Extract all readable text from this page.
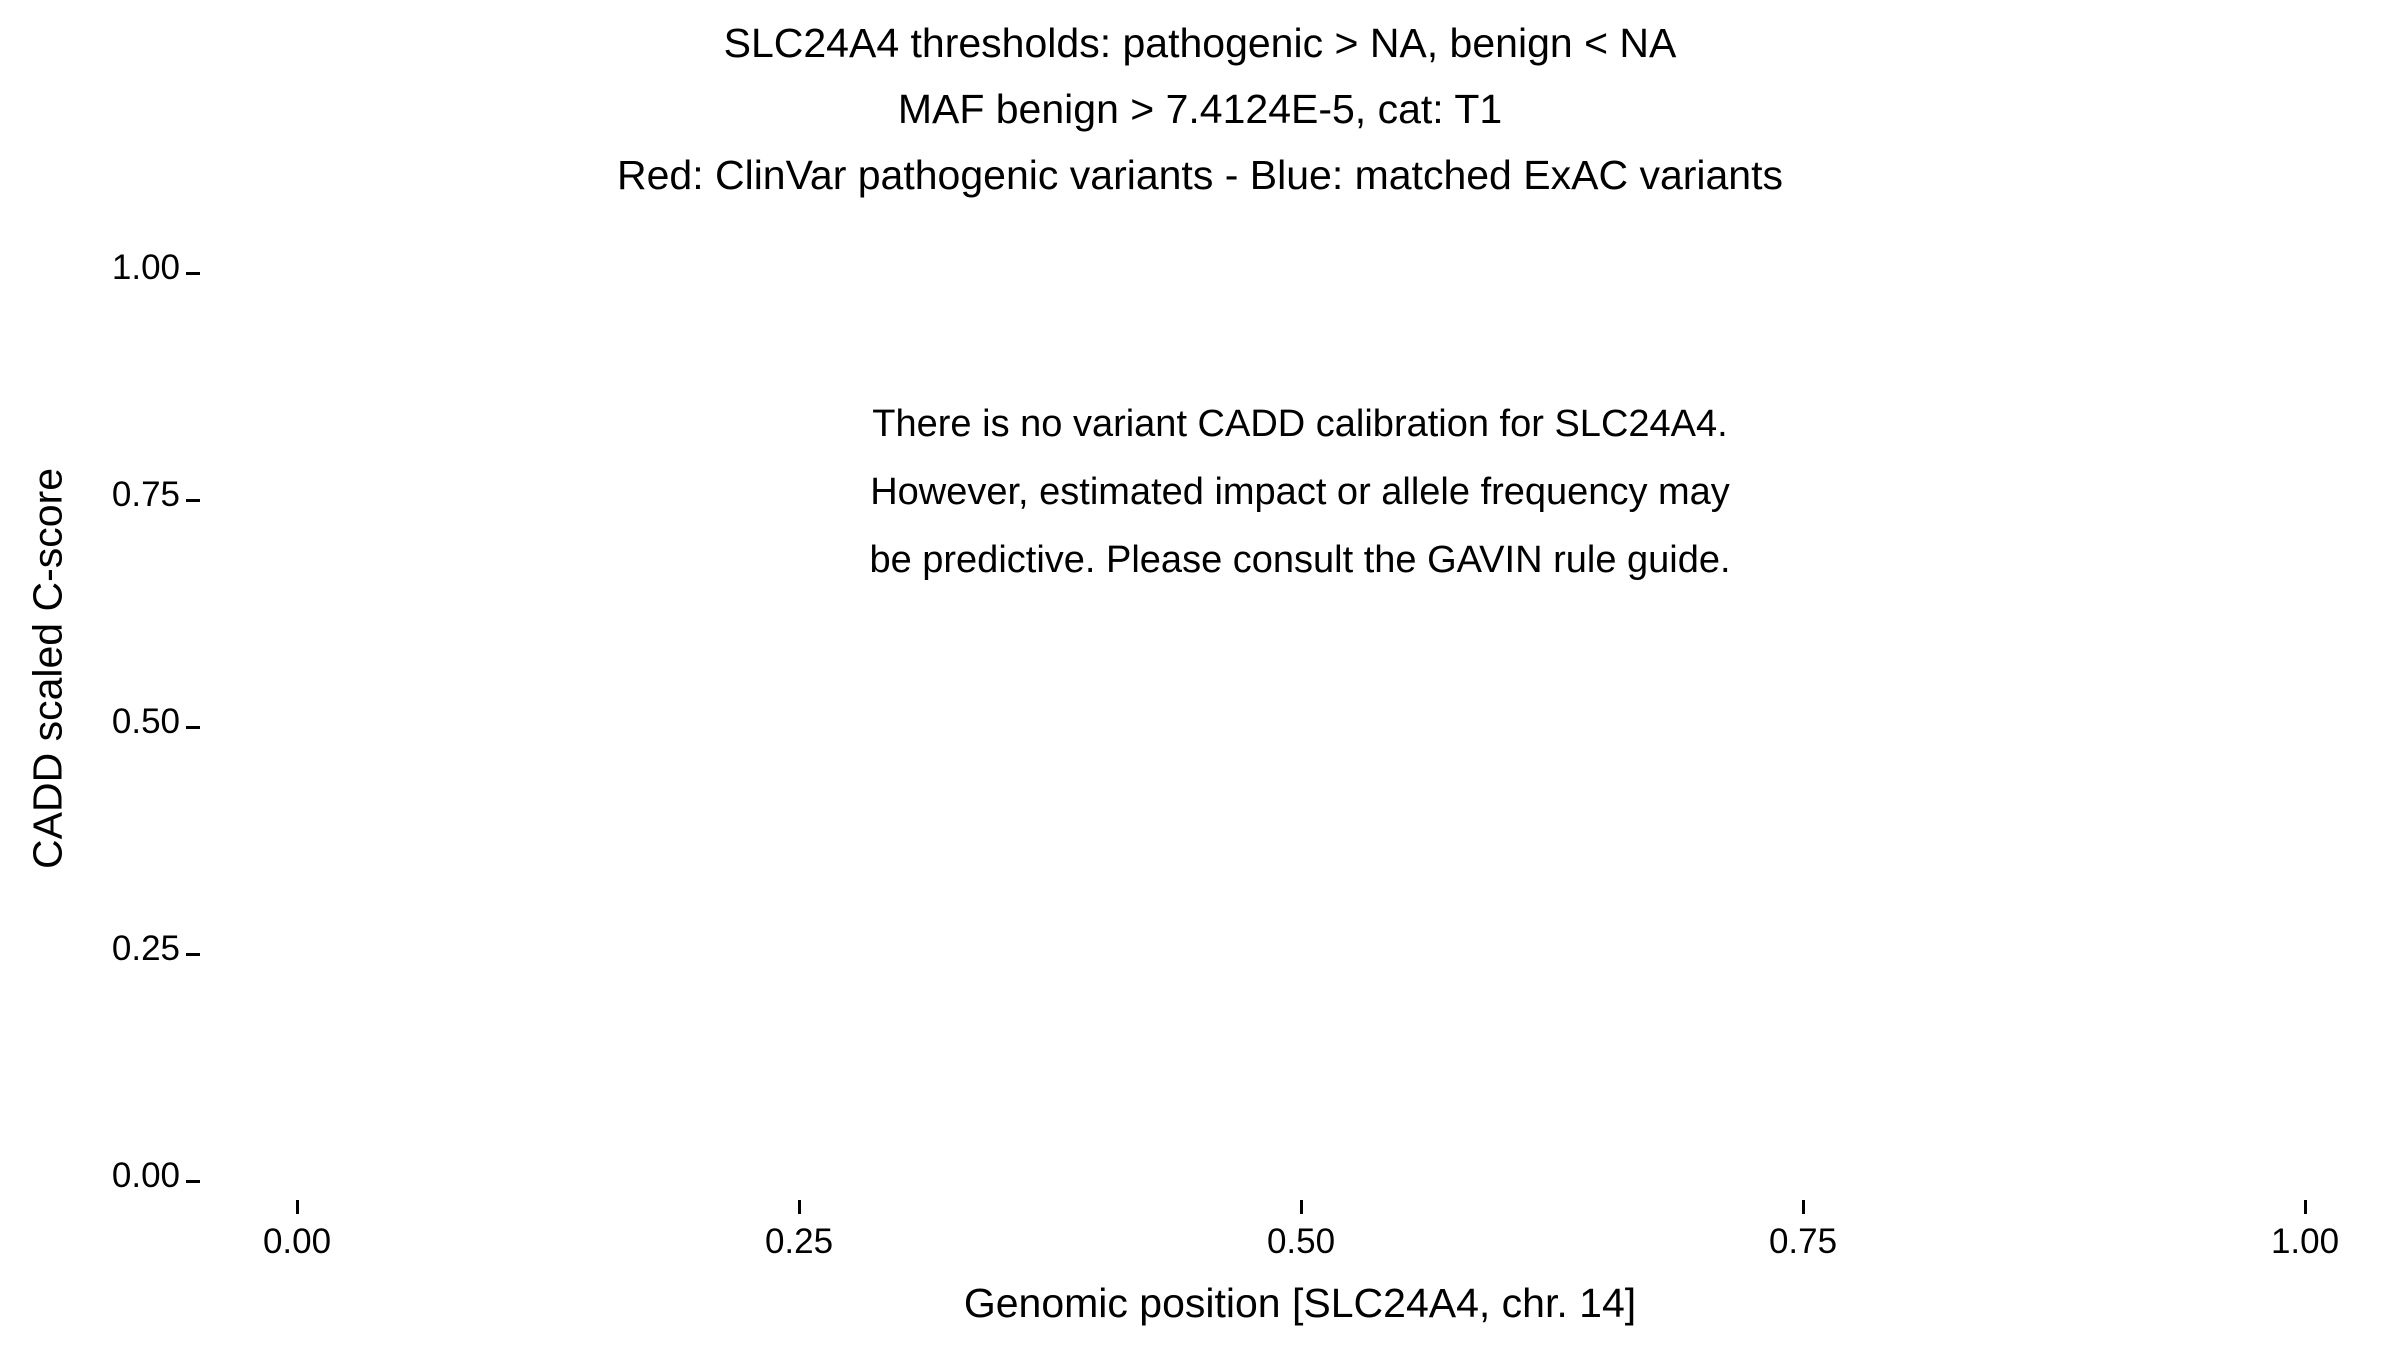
SLC24A4 thresholds: pathogenic > NA, benign < NA
MAF benign > 7.4124E-5, cat: T1
Red: ClinVar pathogenic variants - Blue: matched ExAC variants
CADD scaled C-score
1.00
0.75
0.50
0.25
0.00
0.00	0.25	0.50	0.75	1.00
There is no variant CADD calibration for SLC24A4.
However, estimated impact or allele frequency may
be predictive. Please consult the GAVIN rule guide.
Genomic position [SLC24A4, chr. 14]
